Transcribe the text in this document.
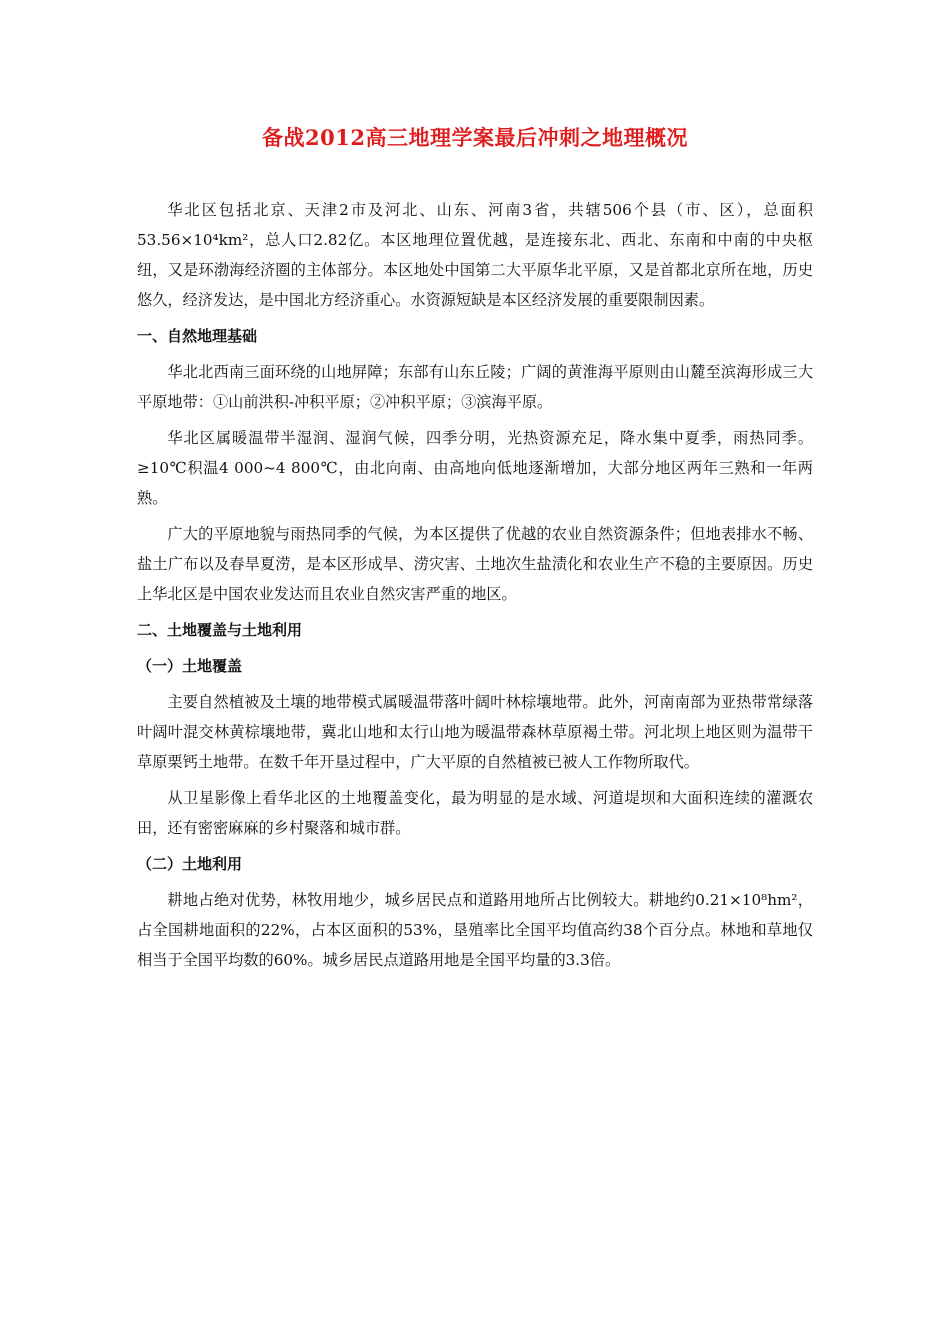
备战2012高三地理学案最后冲刺之地理概况

华北区包括北京、天津2市及河北、山东、河南3省，共辖506个县（市、区），总面积53.56×10⁴km²，总人口2.82亿。本区地理位置优越，是连接东北、西北、东南和中南的中央枢纽，又是环渤海经济圈的主体部分。本区地处中国第二大平原华北平原，又是首都北京所在地，历史悠久，经济发达，是中国北方经济重心。水资源短缺是本区经济发展的重要限制因素。

一、自然地理基础

华北北西南三面环绕的山地屏障；东部有山东丘陵；广阔的黄淮海平原则由山麓至滨海形成三大平原地带：①山前洪积-冲积平原；②冲积平原；③滨海平原。

华北区属暖温带半湿润、湿润气候，四季分明，光热资源充足，降水集中夏季，雨热同季。≥10℃积温4 000~4 800℃，由北向南、由高地向低地逐渐增加，大部分地区两年三熟和一年两熟。

广大的平原地貌与雨热同季的气候，为本区提供了优越的农业自然资源条件；但地表排水不畅、盐土广布以及春旱夏涝，是本区形成旱、涝灾害、土地次生盐渍化和农业生产不稳的主要原因。历史上华北区是中国农业发达而且农业自然灾害严重的地区。

二、土地覆盖与土地利用
（一）土地覆盖

主要自然植被及土壤的地带模式属暖温带落叶阔叶林棕壤地带。此外，河南南部为亚热带常绿落叶阔叶混交林黄棕壤地带，冀北山地和太行山地为暖温带森林草原褐土带。河北坝上地区则为温带干草原栗钙土地带。在数千年开垦过程中，广大平原的自然植被已被人工作物所取代。

从卫星影像上看华北区的土地覆盖变化，最为明显的是水域、河道堤坝和大面积连续的灌溉农田，还有密密麻麻的乡村聚落和城市群。

（二）土地利用

耕地占绝对优势，林牧用地少，城乡居民点和道路用地所占比例较大。耕地约0.21×10⁸hm²，占全国耕地面积的22%，占本区面积的53%，垦殖率比全国平均值高约38个百分点。林地和草地仅相当于全国平均数的60%。城乡居民点道路用地是全国平均量的3.3倍。
